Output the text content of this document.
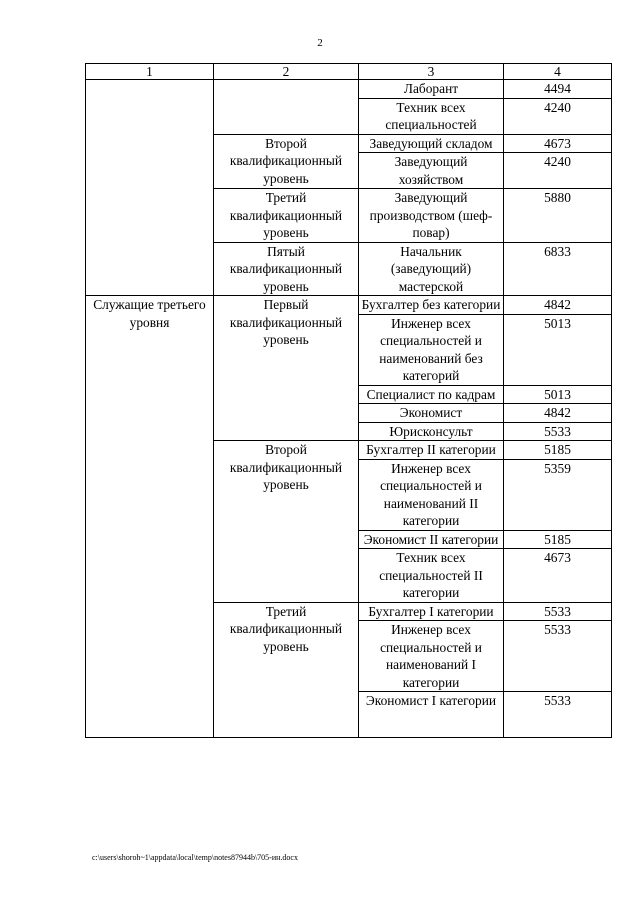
2
1	2	3	4
		Лаборант	4494
		Техник всех специальностей	4240
	Второй квалификационный уровень	Заведующий складом	4673
		Заведующий хозяйством	4240
	Третий квалификационный уровень	Заведующий производством (шеф-повар)	5880
	Пятый квалификационный уровень	Начальник (заведующий) мастерской	6833
Служащие третьего уровня	Первый квалификационный уровень	Бухгалтер без категории	4842
		Инженер всех специальностей и наименований без категорий	5013
		Специалист по кадрам	5013
		Экономист	4842
		Юрисконсульт	5533
	Второй квалификационный уровень	Бухгалтер II категории	5185
		Инженер всех специальностей и наименований II категории	5359
		Экономист II категории	5185
		Техник всех специальностей II категории	4673
	Третий квалификационный уровень	Бухгалтер I категории	5533
		Инженер всех специальностей и наименований I категории	5533
		Экономист I категории	5533
c:\users\shoroh~1\appdata\local\temp\notes87944b\705-ин.docx
